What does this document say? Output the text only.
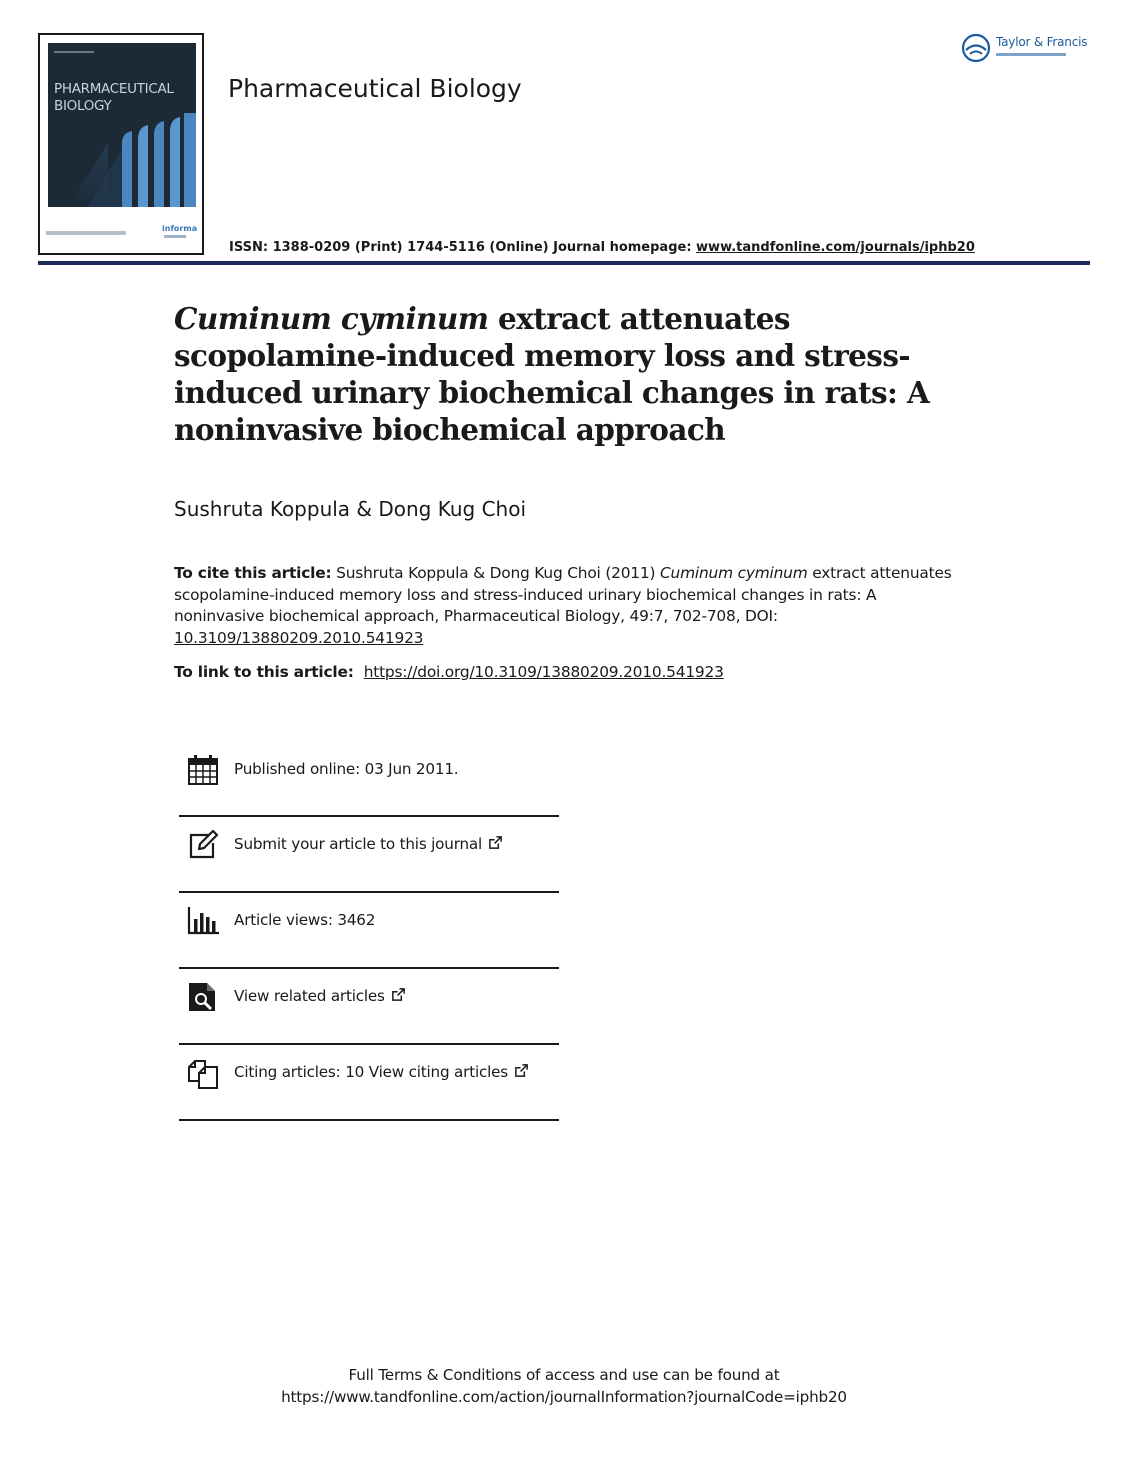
PHARMACEUTICAL
BIOLOGY
informa
Pharmaceutical Biology
Taylor & Francis
ISSN: 1388-0209 (Print) 1744-5116 (Online) Journal homepage: www.tandfonline.com/journals/iphb20
Cuminum cyminum extract attenuates scopolamine-induced memory loss and stress-induced urinary biochemical changes in rats: A noninvasive biochemical approach
Sushruta Koppula & Dong Kug Choi

To cite this article: Sushruta Koppula & Dong Kug Choi (2011) Cuminum cyminum extract attenuates scopolamine-induced memory loss and stress-induced urinary biochemical changes in rats: A noninvasive biochemical approach, Pharmaceutical Biology, 49:7, 702-708, DOI: 10.3109/13880209.2010.541923

To link to this article: https://doi.org/10.3109/13880209.2010.541923
Published online: 03 Jun 2011.
Submit your article to this journal
Article views: 3462
View related articles
Citing articles: 10 View citing articles
Full Terms & Conditions of access and use can be found at
https://www.tandfonline.com/action/journalInformation?journalCode=iphb20
